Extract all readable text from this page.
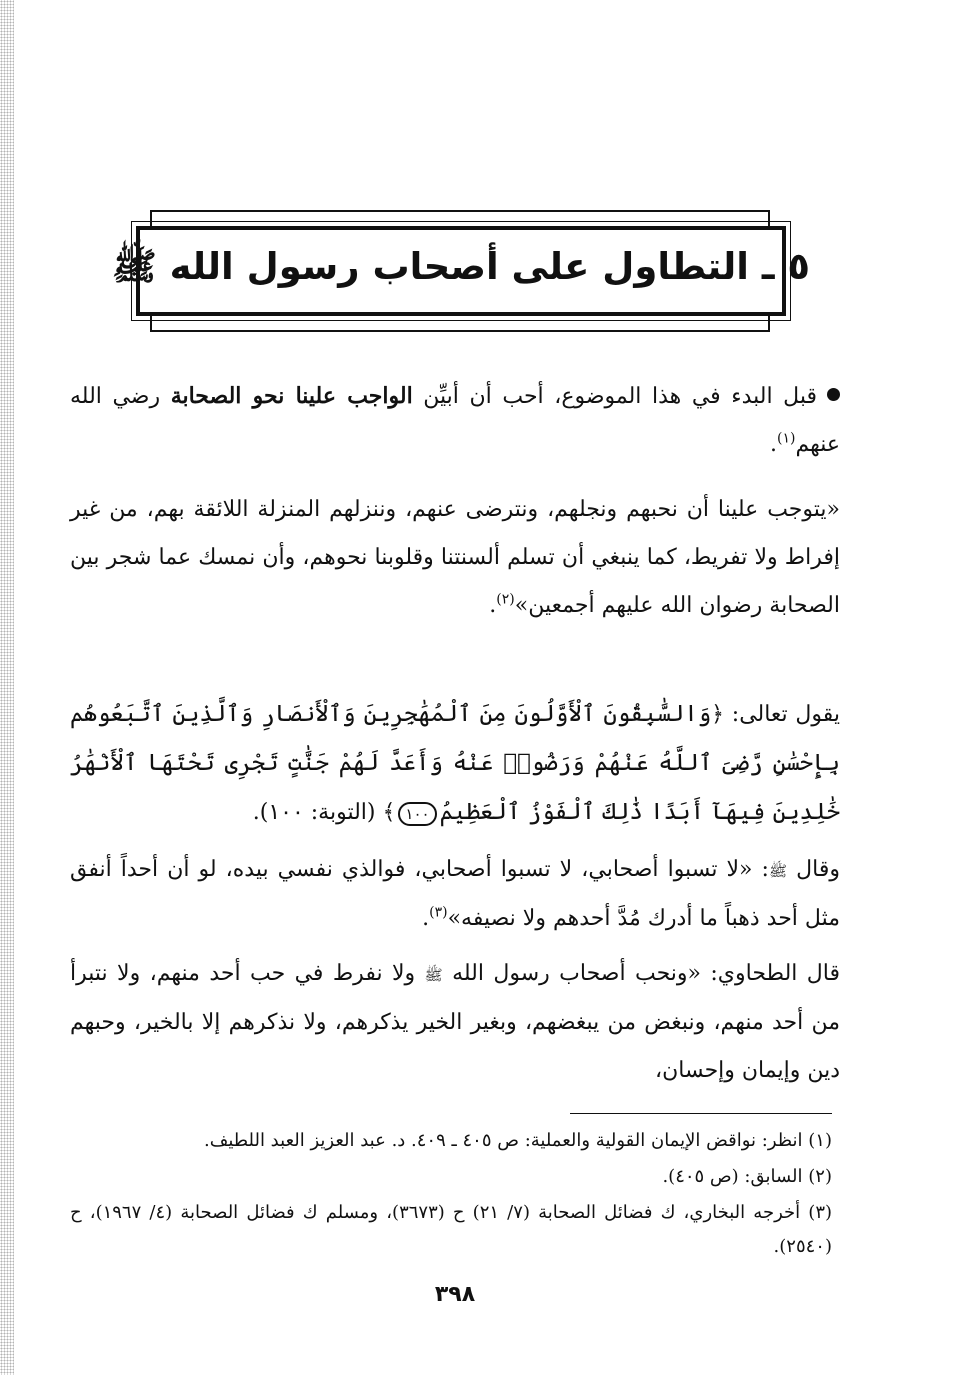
٥ ـ التطاول على أصحاب رسول الله ﷺ

قبل البدء في هذا الموضوع، أحب أن أبيِّن الواجب علينا نحو الصحابة رضي الله عنهم$^{(١)}$.

«يتوجب علينا أن نحبهم ونجلهم، ونترضى عنهم، وننزلهم المنزلة اللائقة بهم، من غير إفراط ولا تفريط، كما ينبغي أن تسلم ألسنتنا وقلوبنا نحوهم، وأن نمسك عما شجر بين الصحابة رضوان الله عليهم أجمعين»$^{(٢)}$.

يقول تعالى: ﴿وَالسَّٰبِقُونَ ٱلْأَوَّلُونَ مِنَ ٱلْمُهَٰجِرِينَ وَٱلْأَنصَارِ وَٱلَّذِينَ ٱتَّبَعُوهُم بِإِحْسَٰنٍ رَّضِىَ ٱللَّهُ عَنْهُمْ وَرَضُوا۟ عَنْهُ وَأَعَدَّ لَهُمْ جَنَّٰتٍ تَجْرِى تَحْتَهَا ٱلْأَنْهَٰرُ خَٰلِدِينَ فِيهَآ أَبَدًا ذَٰلِكَ ٱلْفَوْزُ ٱلْعَظِيمُ١٠٠﴾ (التوبة: ١٠٠).

وقال ﷺ: «لا تسبوا أصحابي، لا تسبوا أصحابي، فوالذي نفسي بيده، لو أن أحداً أنفق مثل أحد ذهباً ما أدرك مُدَّ أحدهم ولا نصيفه»$^{(٣)}$.

قال الطحاوي: «ونحب أصحاب رسول الله ﷺ ولا نفرط في حب أحد منهم، ولا نتبرأ من أحد منهم، ونبغض من يبغضهم، وبغير الخير يذكرهم، ولا نذكرهم إلا بالخير، وحبهم دين وإيمان وإحسان،

(١) انظر: نواقض الإيمان القولية والعملية: ص ٤٠٥ ـ ٤٠٩. د. عبد العزيز العبد اللطيف.

(٢) السابق: (ص ٤٠٥).

(٣) أخرجه البخاري، ك فضائل الصحابة (٧/ ٢١) ح (٣٦٧٣)، ومسلم ك فضائل الصحابة (٤/ ١٩٦٧)، ح (٢٥٤٠).

٣٩٨
